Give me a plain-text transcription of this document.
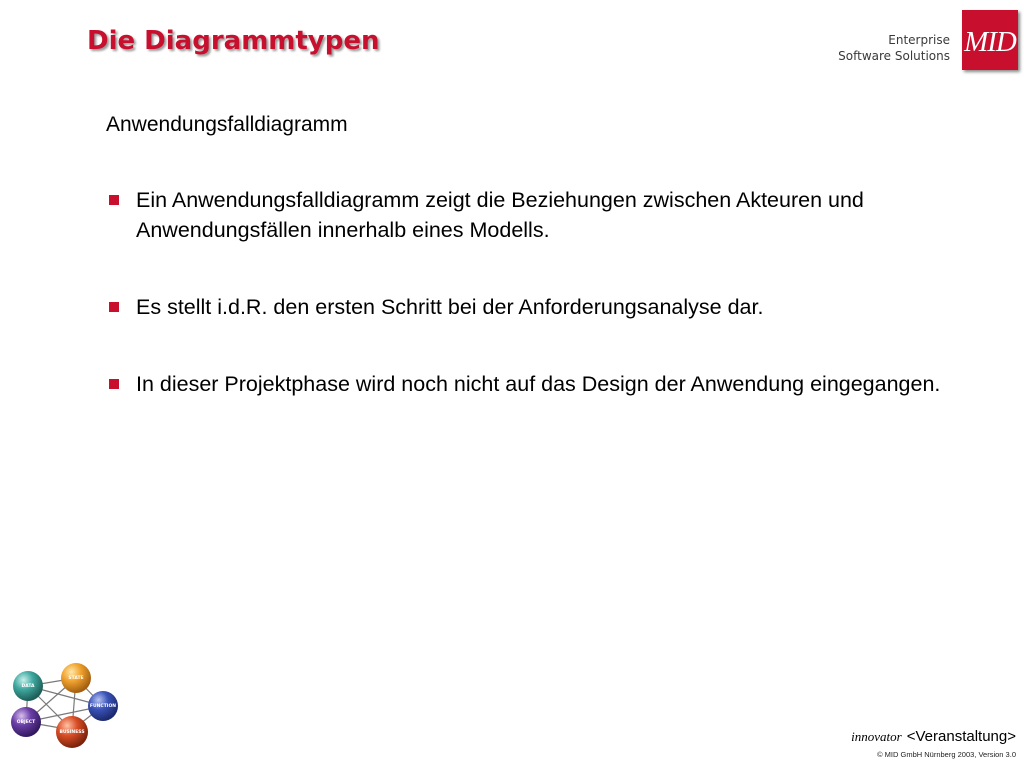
Die Diagrammtypen	Enterprise
Software Solutions MID
Anwendungsfalldiagramm
Ein Anwendungsfalldiagramm zeigt die Beziehungen zwischen Akteuren und Anwendungsfällen innerhalb eines Modells.
Es stellt i.d.R. den ersten Schritt bei der Anforderungsanalyse dar.
In dieser Projektphase wird noch nicht auf das Design der Anwendung eingegangen.
DATA
STATE
FUNCTION
OBJECT
BUSINESS	innovator <Veranstaltung>
© MID GmbH Nürnberg 2003, Version 3.0
